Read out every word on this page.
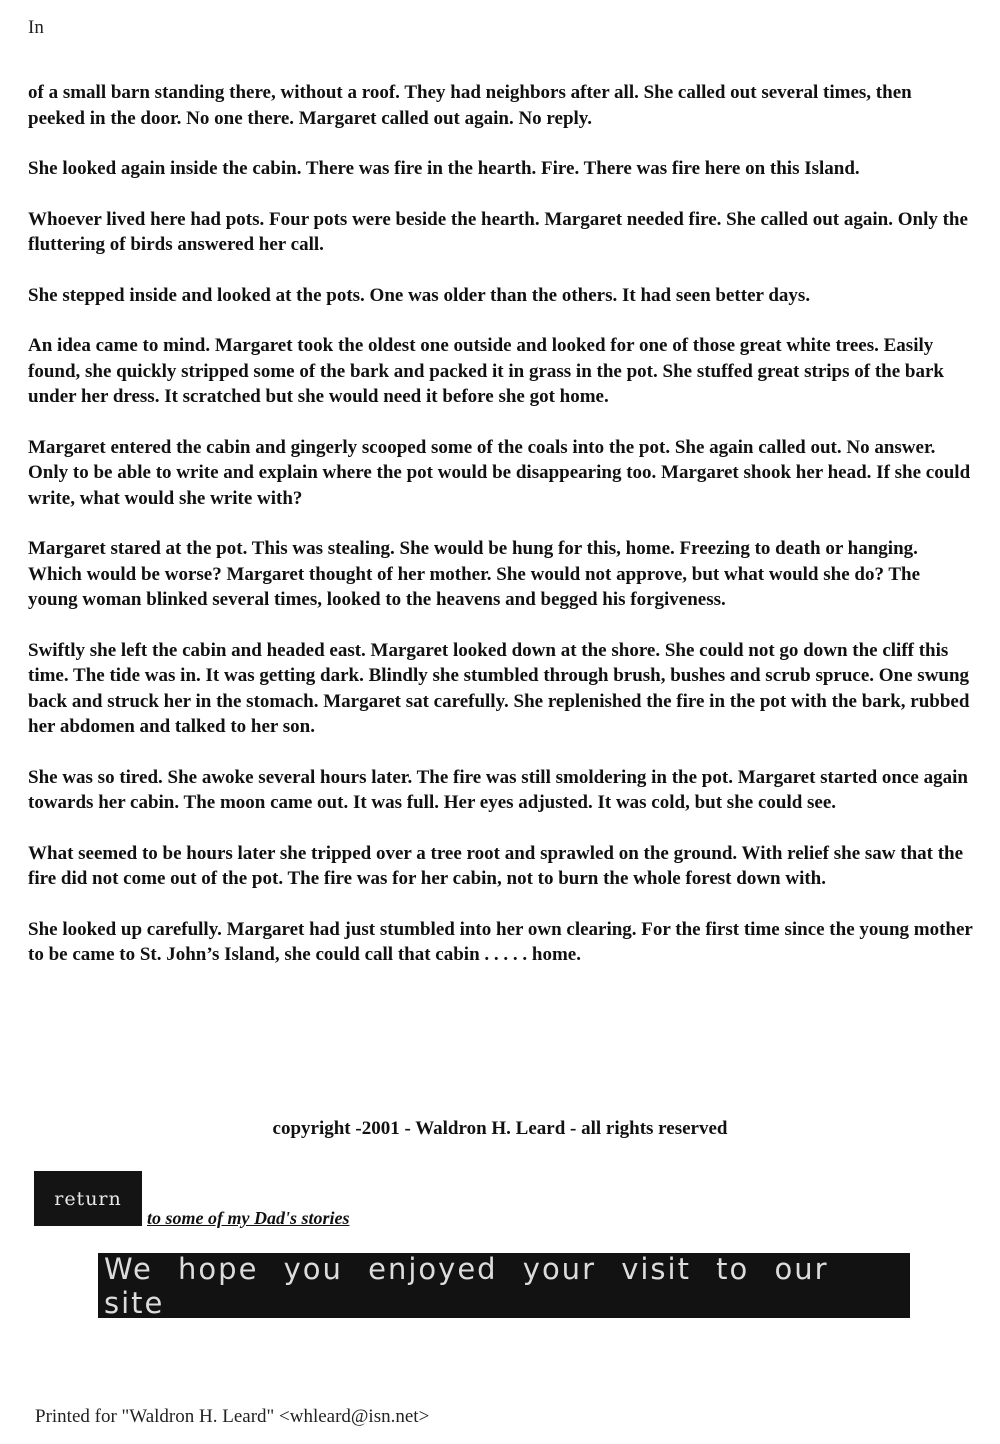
In

of a small barn standing there, without a roof. They had neighbors after all. She called out several times, then peeked in the door. No one there. Margaret called out again. No reply.

She looked again inside the cabin. There was fire in the hearth. Fire. There was fire here on this Island.

Whoever lived here had pots. Four pots were beside the hearth. Margaret needed fire. She called out again. Only the fluttering of birds answered her call.

She stepped inside and looked at the pots. One was older than the others. It had seen better days.

An idea came to mind. Margaret took the oldest one outside and looked for one of those great white trees. Easily found, she quickly stripped some of the bark and packed it in grass in the pot. She stuffed great strips of the bark under her dress. It scratched but she would need it before she got home.

Margaret entered the cabin and gingerly scooped some of the coals into the pot. She again called out. No answer. Only to be able to write and explain where the pot would be disappearing too. Margaret shook her head. If she could write, what would she write with?

Margaret stared at the pot. This was stealing. She would be hung for this, home. Freezing to death or hanging. Which would be worse? Margaret thought of her mother. She would not approve, but what would she do? The young woman blinked several times, looked to the heavens and begged his forgiveness.

Swiftly she left the cabin and headed east. Margaret looked down at the shore. She could not go down the cliff this time. The tide was in. It was getting dark. Blindly she stumbled through brush, bushes and scrub spruce. One swung back and struck her in the stomach. Margaret sat carefully. She replenished the fire in the pot with the bark, rubbed her abdomen and talked to her son.

She was so tired. She awoke several hours later. The fire was still smoldering in the pot. Margaret started once again towards her cabin. The moon came out. It was full. Her eyes adjusted. It was cold, but she could see.

What seemed to be hours later she tripped over a tree root and sprawled on the ground. With relief she saw that the fire did not come out of the pot. The fire was for her cabin, not to burn the whole forest down with.

She looked up carefully. Margaret had just stumbled into her own clearing. For the first time since the young mother to be came to St. John’s Island, she could call that cabin . . . . . home.

copyright -2001 - Waldron H. Leard - all rights reserved
return
to some of my Dad's stories
We hope you enjoyed your visit to our site
Printed for "Waldron H. Leard" <whleard@isn.net>
